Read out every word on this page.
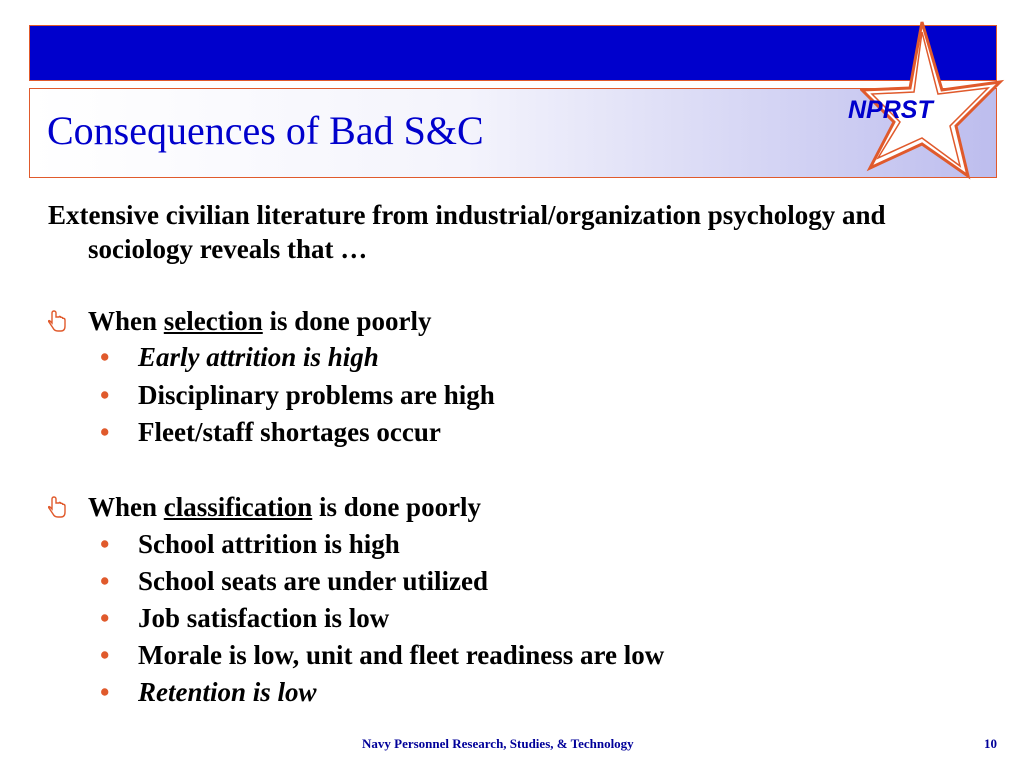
NPRST
Consequences of Bad S&C

Extensive civilian literature from industrial/organization psychology and sociology reveals that …

When selection is done poorly

• Early attrition is high

• Disciplinary problems are high

• Fleet/staff shortages occur

When classification is done poorly

• School attrition is high

• School seats are under utilized

• Job satisfaction is low

• Morale is low, unit and fleet readiness are low

• Retention is low

Navy Personnel Research, Studies, & Technology	10
